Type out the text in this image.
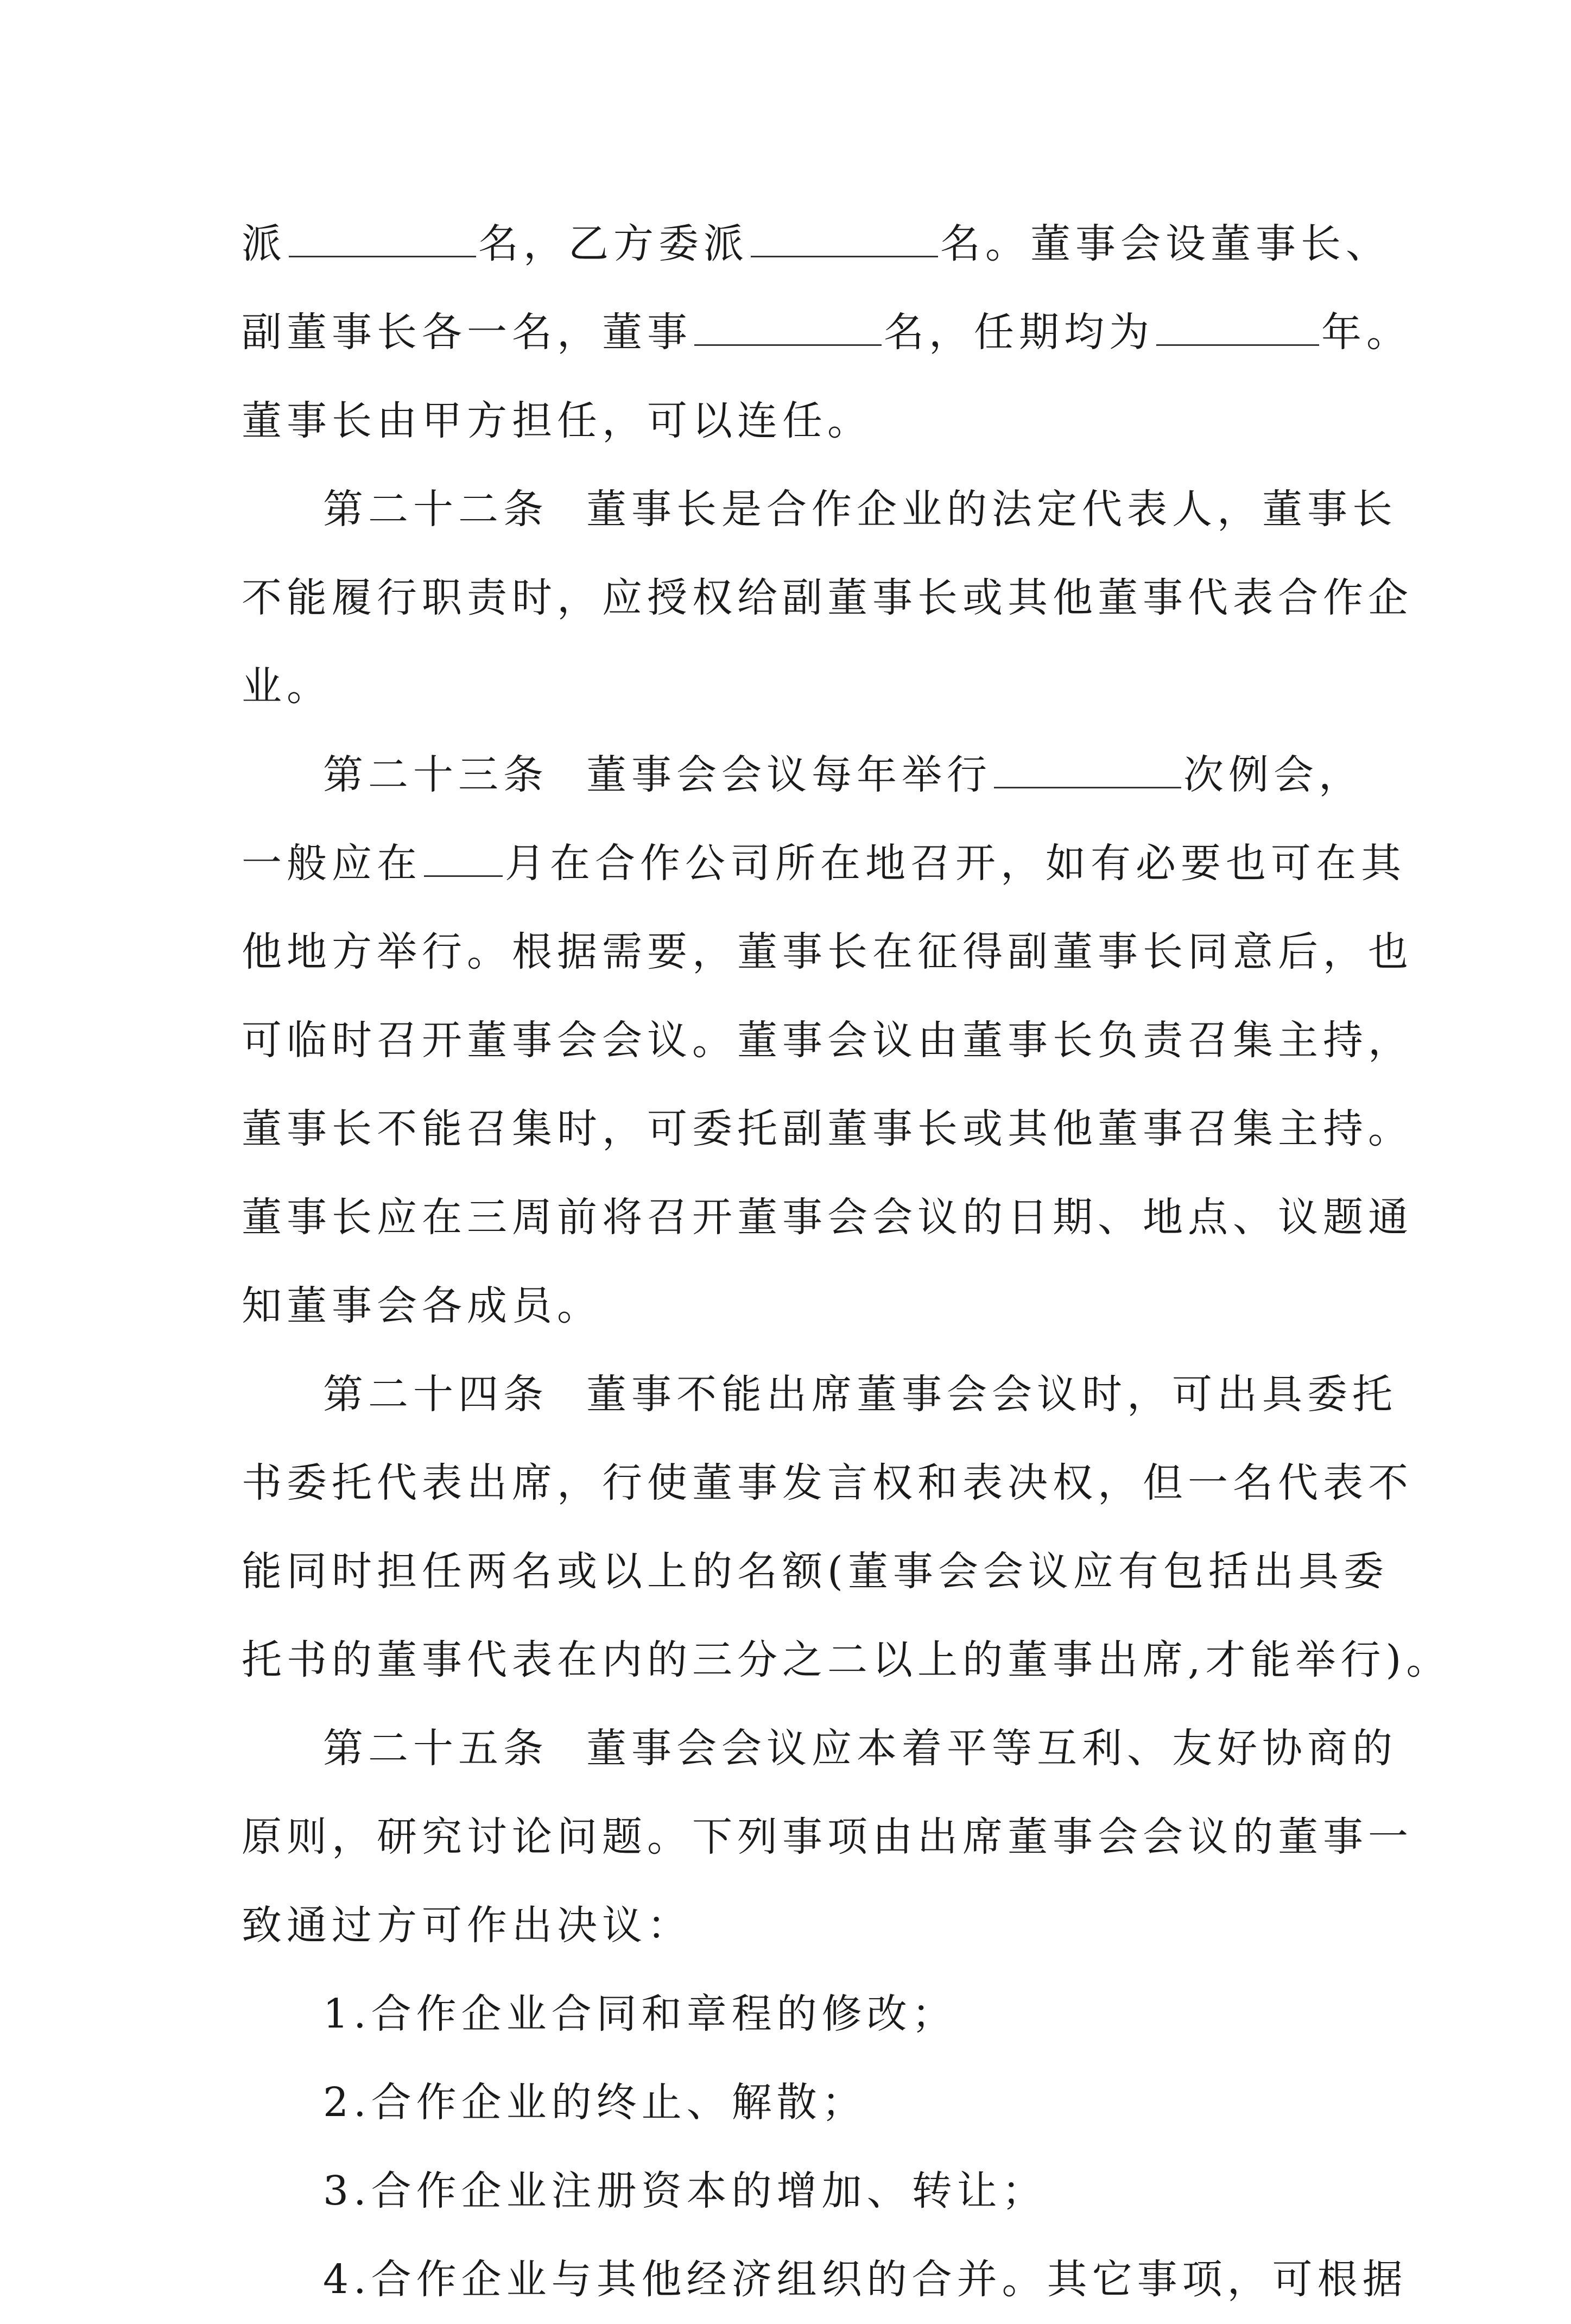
派	名，乙方委派	名。董事会设董事长、
副董事长各一名，董事	名，任期均为	年。
董事长由甲方担任，可以连任。
第二十二条 董事长是合作企业的法定代表人，董事长
不能履行职责时，应授权给副董事长或其他董事代表合作企
业。
第二十三条 董事会会议每年举行	次例会，
一般应在 月在合作公司所在地召开，如有必要也可在其
他地方举行。根据需要，董事长在征得副董事长同意后，也
可临时召开董事会会议。董事会议由董事长负责召集主持，
董事长不能召集时，可委托副董事长或其他董事召集主持。
董事长应在三周前将召开董事会会议的日期、地点、议题通
知董事会各成员。
第二十四条 董事不能出席董事会会议时，可出具委托
书委托代表出席，行使董事发言权和表决权，但一名代表不
能同时担任两名或以上的名额(董事会会议应有包括出具委
托书的董事代表在内的三分之二以上的董事出席,才能举行)。
第二十五条 董事会会议应本着平等互利、友好协商的
原则，研究讨论问题。下列事项由出席董事会会议的董事一
致通过方可作出决议：
1.合作企业合同和章程的修改；
2.合作企业的终止、解散；
3.合作企业注册资本的增加、转让；
4.合作企业与其他经济组织的合并。其它事项，可根据
